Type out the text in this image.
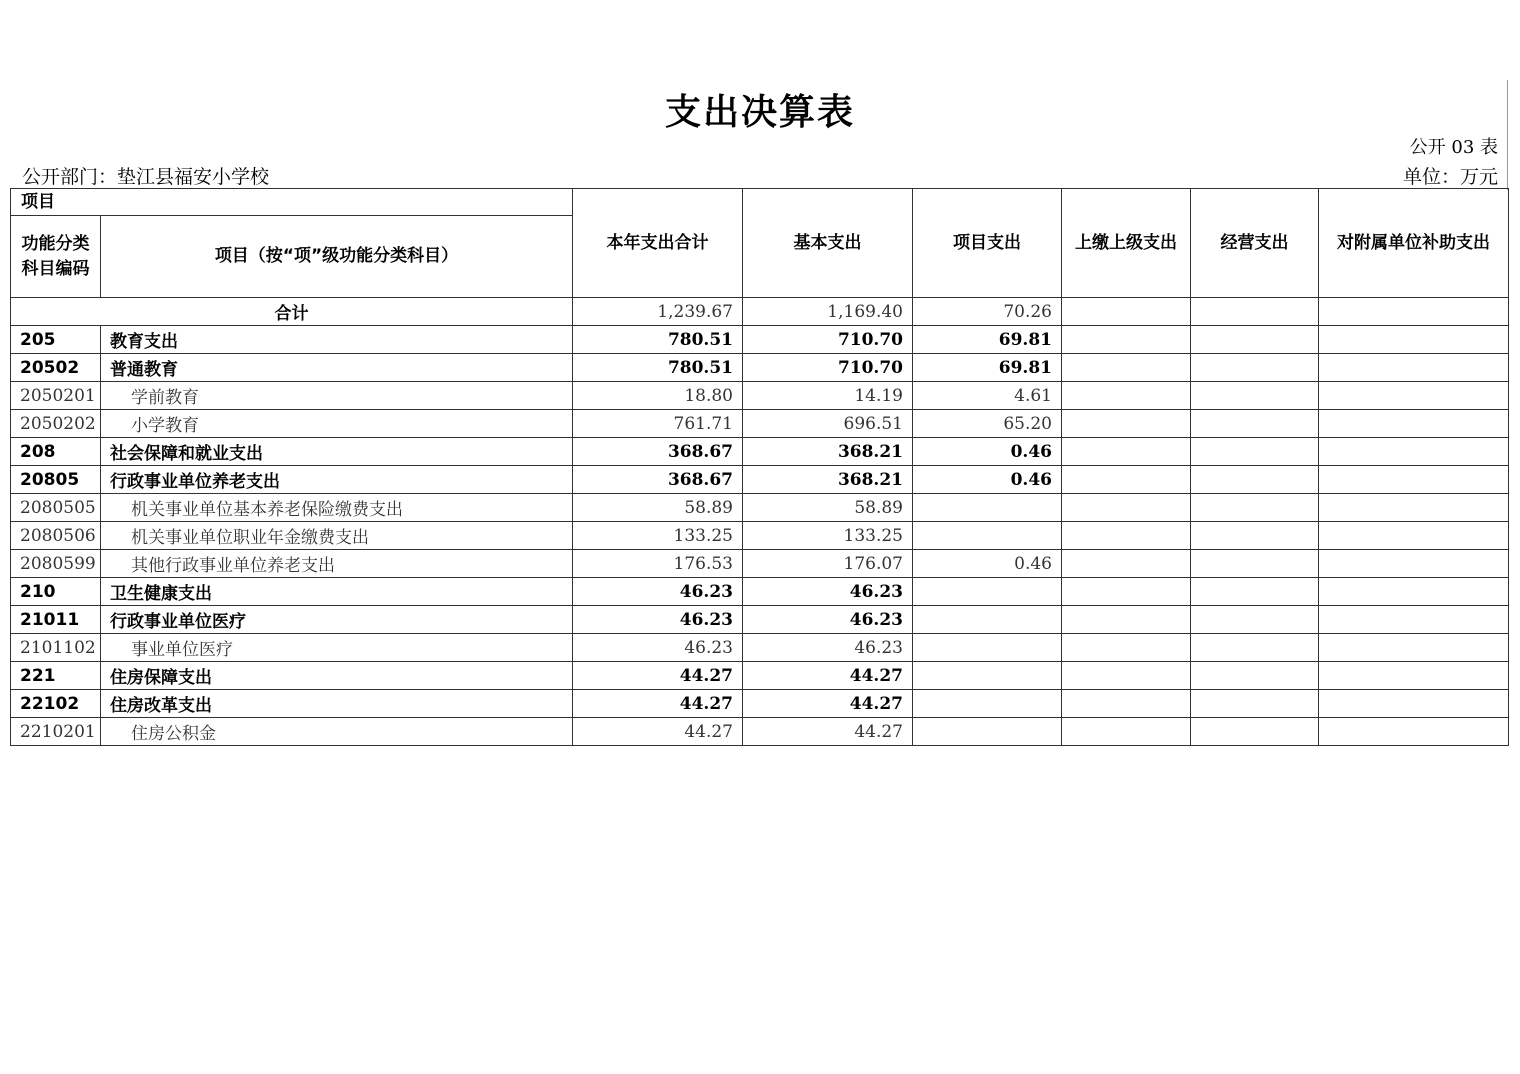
支出决算表
公开 03 表
公开部门：垫江县福安小学校	单位：万元
项目		本年支出合计	基本支出	项目支出	上缴上级支出	经营支出	对附属单位补助支出
功能分类科目编码	项目（按“项”级功能分类科目）						
合计		1,239.67	1,169.40	70.26			
205	教育支出	780.51	710.70	69.81			
20502	普通教育	780.51	710.70	69.81			
2050201	学前教育	18.80	14.19	4.61			
2050202	小学教育	761.71	696.51	65.20			
208	社会保障和就业支出	368.67	368.21	0.46			
20805	行政事业单位养老支出	368.67	368.21	0.46			
2080505	机关事业单位基本养老保险缴费支出	58.89	58.89				
2080506	机关事业单位职业年金缴费支出	133.25	133.25				
2080599	其他行政事业单位养老支出	176.53	176.07	0.46			
210	卫生健康支出	46.23	46.23				
21011	行政事业单位医疗	46.23	46.23				
2101102	事业单位医疗	46.23	46.23				
221	住房保障支出	44.27	44.27				
22102	住房改革支出	44.27	44.27				
2210201	住房公积金	44.27	44.27				
